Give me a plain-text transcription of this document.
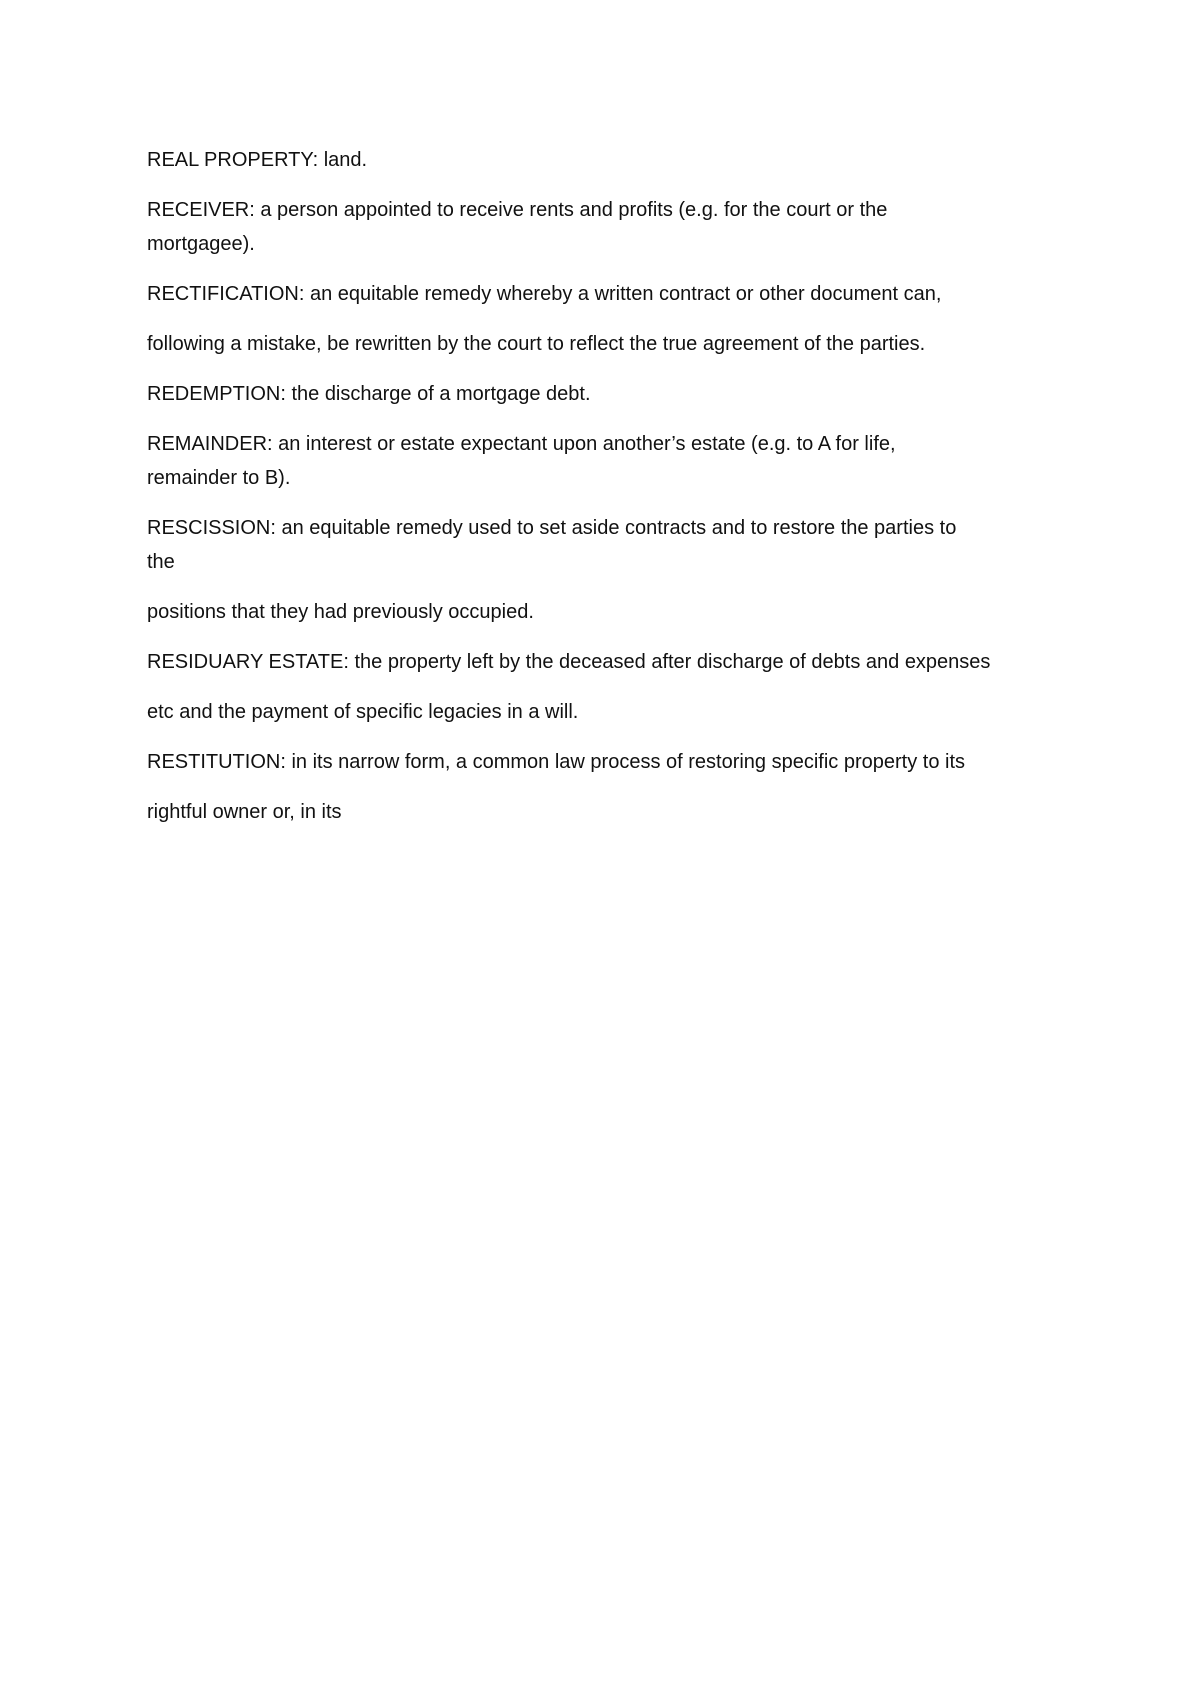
REAL PROPERTY: land.

RECEIVER: a person appointed to receive rents and profits (e.g. for the court or the
mortgagee).

RECTIFICATION: an equitable remedy whereby a written contract or other document can,

following a mistake, be rewritten by the court to reflect the true agreement of the parties.

REDEMPTION: the discharge of a mortgage debt.

REMAINDER: an interest or estate expectant upon another’s estate (e.g. to A for life,
remainder to B).

RESCISSION: an equitable remedy used to set aside contracts and to restore the parties to
the

positions that they had previously occupied.

RESIDUARY ESTATE: the property left by the deceased after discharge of debts and expenses

etc and the payment of specific legacies in a will.

RESTITUTION: in its narrow form, a common law process of restoring specific property to its

rightful owner or, in its
